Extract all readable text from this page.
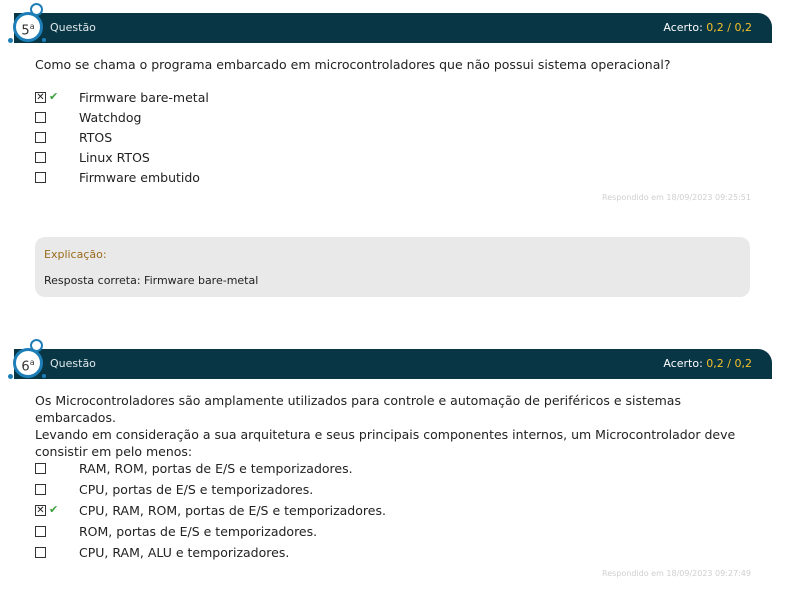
Questão	Acerto: 0,2 / 0,2
5$^a$
Como se chama o programa embarcado em microcontroladores que não possui sistema operacional?
✕ ✔ Firmware bare-metal
Watchdog
RTOS
Linux RTOS
Firmware embutido
Respondido em 18/09/2023 09:25:51
Explicação:
Resposta correta: Firmware bare-metal
Questão	Acerto: 0,2 / 0,2
6$^a$
Os Microcontroladores são amplamente utilizados para controle e automação de periféricos e sistemas embarcados.
Levando em consideração a sua arquitetura e seus principais componentes internos, um Microcontrolador deve
consistir em pelo menos:
RAM, ROM, portas de E/S e temporizadores.
CPU, portas de E/S e temporizadores.
✕ ✔ CPU, RAM, ROM, portas de E/S e temporizadores.
ROM, portas de E/S e temporizadores.
CPU, RAM, ALU e temporizadores.
Respondido em 18/09/2023 09:27:49
